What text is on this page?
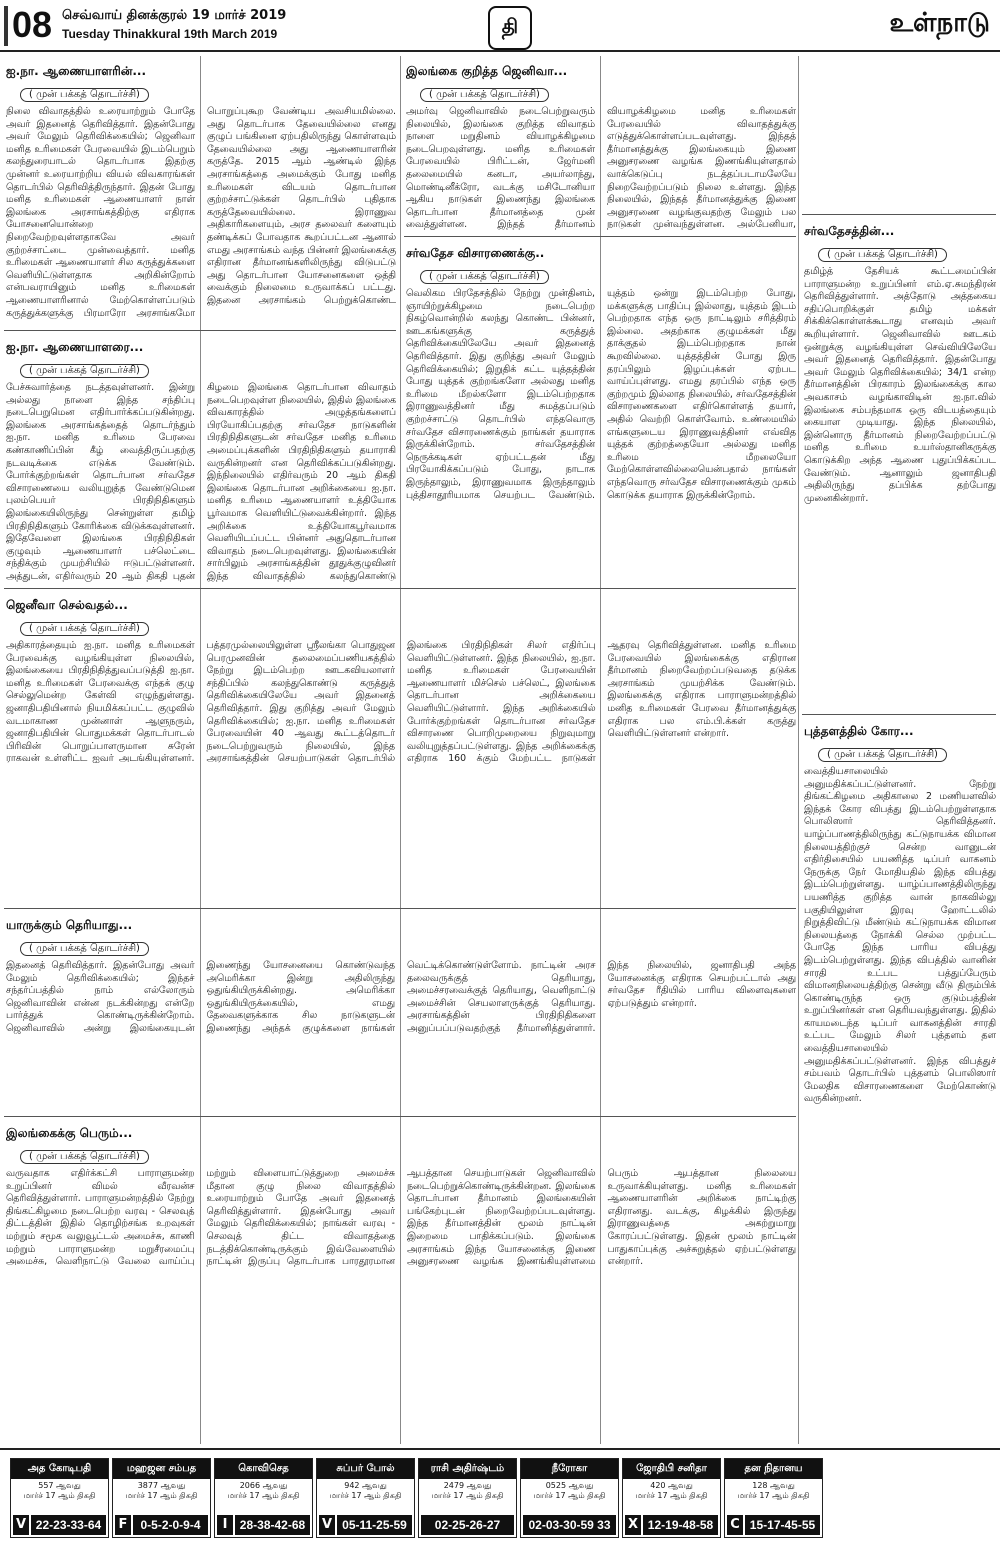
08 செவ்வாய் தினக்குரல் 19 மார்ச் 2019
Tuesday Thinakkural 19th March 2019	தி	உள்நாடு
ஐ.நா. ஆணையாளரின்...
( முன் பக்கத் தொடர்ச்சி)
நிலை விவாதத்தில் உரையாற்றும் போதே அவர் இதனைத் தெரிவித்தார். இதன்போது அவர் மேலும் தெரிவிக்கையில்; ஜெனிவா மனித உரிமைகள் பேரவையில் இடம்பெறும் கலந்துரையாடல் தொடர்பாக இதற்கு முன்னர் உரையாற்றிய வியல் விவகாரங்கள் தொடர்பில் தெரிவித்திருந்தார். இதன் போது மனித உரிமைகள் ஆணையாளர் நாள் இலங்கை அரசாங்கத்திற்கு எதிராக யோசனையொன்றை நிறைவேற்றவுள்ளதாகவே அவர் குற்றச்சாட்டை முன்வைத்தார். மனித உரிமைகள் ஆணையாளர் சில கருத்துக்களை வெளியிட்டுள்ளதாக அறிகின்றோம் என்பவராயினும் மனித உரிமைகள் ஆணையாளரினால் மேற்கொள்ளப்படும் கருத்துக்களுக்கு பிரமாரோ அரசாங்கமோ பொறுப்புகூற வேண்டிய அவசியமில்லை. அது தொடர்பாக தேவையில்லை எனது குழுப் பங்கினை ஏற்பதிலிருந்து கொள்ளவும் தேவையில்லை அது ஆணையாளரின் கருத்தே. 2015 ஆம் ஆண்டில் இந்த அரசாங்கத்தை அமைக்கும் போது மனித உரிமைகள் விடயம் தொடர்பான குற்றச்சாட்டுக்கள் தொடர்பில் புதிதாக கருத்தேவையில்லை. இராணுவ அதிகாரிகளையும், அரச தலைவர் களையும் தண்டிக்கப் போவதாக கூறப்பட்டன ஆனால் எமது அரசாங்கம் வந்த பின்னர் இலங்கைக்கு எதிரான தீர்மானங்களிலிருந்து விடுபட்டு அது தொடர்பான யோசனைகளை ஒத்தி வைக்கும் நிலைமை உருவாக்கப் பட்டது. இதனை அரசாங்கம் பெற்றுக்கொண்ட
இலங்கை குறித்த ஜெனிவா...
( முன் பக்கத் தொடர்ச்சி)
அமர்வு ஜெனிவாவில் நடைபெற்றுவரும் நிலையில், இலங்கை குறித்த விவாதம் நாளை மறுதினம் வியாழக்கிழமை நடைபெறவுள்ளது. மனித உரிமைகள் பேரவையில் பிரிட்டன், ஜேர்மனி தலைமையில் கனடா, அயர்லாந்து, மொண்டினீக்ரோ, வடக்கு மசிடோனியா ஆகிய நாடுகள் இணைந்து இலங்கை தொடர்பான தீர்மானத்தை முன் வைத்துள்ளன. இந்தத் தீர்மானம் வியாழக்கிழமை மனித உரிமைகள் பேரவையில் விவாதத்துக்கு எடுத்துக்கொள்ளப்படவுள்ளது. இந்தத் தீர்மானத்துக்கு இலங்கையும் இணை அனுசரணை வழங்க இணங்கியுள்ளதால் வாக்கெடுப்பு நடத்தப்படாமலேயே நிறைவேற்றப்படும் நிலை உள்ளது. இந்த நிலையில், இந்தத் தீர்மானத்துக்கு இணை அனுசரணை வழங்குவதற்கு மேலும் பல நாடுகள் முன்வந்துள்ளன. அல்பேனியா,
ஐ.நா. ஆணையாளரை...
( முன் பக்கத் தொடர்ச்சி)
பேச்சுவார்த்தை நடத்தவுள்ளனர். இன்று அல்லது நாளை இந்த சந்திப்பு நடைபெறுமென எதிர்பார்க்கப்படுகின்றது. இலங்கை அரசாங்கத்தைத் தொடர்ந்தும் ஐ.நா. மனித உரிமை பேரவை கண்காணிப்பின் கீழ் வைத்திருப்பதற்கு நடவடிக்கை எடுக்க வேண்டும். போர்க்குற்றங்கள் தொடர்பான சர்வதேச விசாரணையை வலியுறுத்த வேண்டுமென புலம்பெயர் பிரதிநிதிகளும் இலங்கையிலிருந்து சென்றுள்ள தமிழ் பிரதிநிதிகளும் கோரிக்கை விடுக்கவுள்ளனர். இதேவேளை இலங்கை பிரதிநிதிகள் குழுவும் ஆணையாளர் பச்லெட்டை சந்திக்கும் முயற்சியில் ஈடுபட்டுள்ளனர். அத்துடன், எதிர்வரும் 20 ஆம் திகதி புதன் கிழமை இலங்கை தொடர்பான விவாதம் நடைபெறவுள்ள நிலையில், இதில் இலங்கை விவகாரத்தில் அழுத்தங்களைப் பிரயோகிப்பதற்கு சர்வதேச நாடுகளின் பிரதிநிதிகளுடன் சர்வதேச மனித உரிமை அமைப்புக்களின் பிரதிநிதிகளும் தயாராகி வருகின்றனர் என தெரிவிக்கப்படுகின்றது. இந்நிலையில் எதிர்வரும் 20 ஆம் திகதி இலங்கை தொடர்பான அறிக்கையை ஐ.நா. மனித உரிமை ஆணையாளர் உத்தியோக பூர்வமாக வெளியிட்டுவைக்கின்றார். இந்த அறிக்கை உத்தியோகபூர்வமாக வெளியிடப்பட்ட பின்னர் அதுதொடர்பான விவாதம் நடைபெறவுள்ளது. இலங்கையின் சார்பிலும் அரசாங்கத்தின் தூதுக்குழுவினர் இந்த விவாதத்தில் கலந்துகொண்டு
சர்வதேச விசாரணைக்கு..
( முன் பக்கத் தொடர்ச்சி)
வெலிகம பிரதேசத்தில் நேற்று முன்தினம், ஞாயிற்றுக்கிழமை நடைபெற்ற நிகழ்வொன்றில் கலந்து கொண்ட பின்னர், ஊடகங்களுக்கு கருத்துத் தெரிவிக்கையிலேயே அவர் இதனைத் தெரிவித்தார். இது குறித்து அவர் மேலும் தெரிவிக்கையில்; இறுதிக் கட்ட யுத்தத்தின் போது யுத்தக் குற்றங்களோ அல்லது மனித உரிமை மீறல்களோ இடம்பெற்றதாக இராணுவத்தினர் மீது சுமத்தப்படும் குற்றச்சாட்டு தொடர்பில் எந்தவொரு சர்வதேச விசாரணைக்கும் நாங்கள் தயாராக இருக்கின்றோம். சர்வதேசத்தின் நெருக்கடிகள் ஏற்பட்டதன் மீது பிரயோகிக்கப்படும் போது, நாடாக இருந்தாலும், இராணுவமாக இருந்தாலும் புத்திசாதூரியமாக செயற்பட வேண்டும். யுத்தம் ஒன்று இடம்பெற்ற போது, மக்களுக்கு பாதிப்பு இல்லாது, யுத்தம் இடம் பெற்றதாக எந்த ஒரு நாட்டிலும் சரித்திரம் இல்லை. அதற்காக குழுமக்கள் மீது தாக்குதல் இடம்பெற்றதாக நான் கூறவில்லை. யுத்தத்தின் போது இரு தரப்பிலும் இழப்புக்கள் ஏற்பட வாய்ப்புள்ளது. எமது தரப்பில் எந்த ஒரு குற்றமும் இல்லாத நிலையில், சர்வதேசத்தின் விசாரணைகளை எதிர்கொள்ளத் தயார், அதில் வெற்றி கொள்வோம். உண்மையில் எங்களுடைய இராணுவத்தினர் எவ்வித யுத்தக் குற்றத்தையோ அல்லது மனித உரிமை மீறலையோ மேற்கொள்ளவில்லையென்பதால் நாங்கள் எந்தவொரு சர்வதேச விசாரணைக்கும் முகம் கொடுக்க தயாராக இருக்கின்றோம்.
சர்வதேசத்தின்...
( முன் பக்கத் தொடர்ச்சி)
தமிழ்த் தேசியக் கூட்டமைப்பின் பாராளுமன்ற உறுப்பினர் எம்.ஏ.சுமந்திரன் தெரிவித்துள்ளார். அத்தோடு அத்தகைய சதிப்பொறிக்குள் தமிழ் மக்கள் சிக்கிக்கொள்ளக்கூடாது எனவும் அவர் கூறியுள்ளார். ஜெனிவாவில் ஊடகம் ஒன்றுக்கு வழங்கியுள்ள செவ்வியிலேயே அவர் இதனைத் தெரிவித்தார். இதன்போது அவர் மேலும் தெரிவிக்கையில்; 34/1 என்ற தீர்மானத்தின் பிரகாரம் இலங்கைக்கு கால அவகாசம் வழங்காவிடின் ஐ.நா.வில் இலங்கை சம்பந்தமாக ஒரு விடயத்தையும் கையாள முடியாது. இந்த நிலையில், இன்னொரு தீர்மானம் நிறைவேற்றப்பட்டு மனித உரிமை உயர்ஸ்தானிகருக்கு கொடுக்கிற அந்த ஆணை புதுப்பிக்கப்பட வேண்டும். ஆனாலும் ஜனாதிபதி அதிலிருந்து தப்பிக்க தற்போது முனைகின்றார்.
ஜெனீவா செல்வதல்...
( முன் பக்கத் தொடர்ச்சி)
அதிகாரத்தையும் ஐ.நா. மனித உரிமைகள் பேரவைக்கு வழங்கியுள்ள நிலையில், இலங்கையை பிரதிநிதித்துவப்படுத்தி ஐ.நா. மனித உரிமைகள் பேரவைக்கு எந்தக் குழு செல்லுமென்ற கேள்வி எழுந்துள்ளது. ஜனாதிபதியினால் நியமிக்கப்பட்ட குழுவில் வடமாகாண முன்னாள் ஆளுநரும், ஜனாதிபதியின் பொதுமக்கள் தொடர்பாடல் பிரிவின் பொறுப்பாளருமான சுரேன் ராகவன் உள்ளிட்ட ஐவர் அடங்கியுள்ளனர். பத்தரமுல்லையிலுள்ள ஸ்ரீலங்கா பொதுஜன பெரமுனவின் தலைமைப்பணியகத்தில் நேற்று இடம்பெற்ற ஊடகவியலாளர் சந்திப்பில் கலந்துகொண்டு கருத்துத் தெரிவிக்கையிலேயே அவர் இதனைத் தெரிவித்தார். இது குறித்து அவர் மேலும் தெரிவிக்கையில்; ஐ.நா. மனித உரிமைகள் பேரவையின் 40 ஆவது கூட்டத்தொடர் நடைபெற்றுவரும் நிலையில், இந்த அரசாங்கத்தின் செயற்பாடுகள் தொடர்பில் இலங்கை பிரதிநிதிகள் சிலர் எதிர்ப்பு வெளியிட்டுள்ளனர். இந்த நிலையில், ஐ.நா. மனித உரிமைகள் பேரவையின் ஆணையாளர் மிச்செல் பச்லெட், இலங்கை தொடர்பான அறிக்கையை வெளியிட்டுள்ளார். இந்த அறிக்கையில் போர்க்குற்றங்கள் தொடர்பான சர்வதேச விசாரணை பொறிமுறையை நிறுவுமாறு வலியுறுத்தப்பட்டுள்ளது. இந்த அறிக்கைக்கு எதிராக 160 க்கும் மேற்பட்ட நாடுகள் ஆதரவு தெரிவித்துள்ளன. மனித உரிமை பேரவையில் இலங்கைக்கு எதிரான தீர்மானம் நிறைவேற்றப்படுவதை தடுக்க அரசாங்கம் முயற்சிக்க வேண்டும். இலங்கைக்கு எதிராக பாராளுமன்றத்தில் மனித உரிமைகள் பேரவை தீர்மானத்துக்கு எதிராக பல எம்.பி.க்கள் கருத்து வெளியிட்டுள்ளனர் என்றார்.	புத்தளத்தில் கோர...
( முன் பக்கத் தொடர்ச்சி)
வைத்தியசாலையில் அனுமதிக்கப்பட்டுள்ளனர். நேற்று திங்கட்கிழமை அதிகாலை 2 மணியளவில் இந்தக் கோர விபத்து இடம்பெற்றுள்ளதாக பொலிஸார் தெரிவித்தனர். யாழ்ப்பாணத்திலிருந்து கட்டுநாயக்க விமான நிலையத்திற்குச் சென்ற வானுடன் எதிர்திசையில் பயணித்த டிப்பர் வாகனம் நேருக்கு நேர் மோதியதில் இந்த விபத்து இடம்பெற்றுள்ளது. யாழ்ப்பாணத்திலிருந்து பயணித்த குறித்த வான் நாகவில்லு பகுதியிலுள்ள இரவு ஹோட்டலில் நிறுத்திவிட்டு மீண்டும் கட்டுநாயக்க விமான நிலையத்தை நோக்கி செல்ல முற்பட்ட போதே இந்த பாரிய விபத்து இடம்பெற்றுள்ளது. இந்த விபத்தில் வானின் சாரதி உட்பட பத்துப்பேரும் விமானநிலையத்திற்கு சென்று வீடு திரும்பிக் கொண்டிருந்த ஒரு குடும்பத்தின் உறுப்பினர்கள் என தெரியவந்துள்ளது. இதில் காயமடைந்த டிப்பர் வாகனத்தின் சாரதி உட்பட மேலும் சிலர் புத்தளம் தள வைத்தியசாலையில் அனுமதிக்கப்பட்டுள்ளனர். இந்த விபத்துச் சம்பவம் தொடர்பில் புத்தளம் பொலிஸார் மேலதிக விசாரணைகளை மேற்கொண்டு வருகின்றனர்.
யாருக்கும் தெரியாது...
( முன் பக்கத் தொடர்ச்சி)
இதனைத் தெரிவித்தார். இதன்போது அவர் மேலும் தெரிவிக்கையில்; இந்தச் சந்தர்ப்பத்தில் நாம் எல்லோரும் ஜெனிவாவின் என்ன நடக்கின்றது என்றே பார்த்துக் கொண்டிருக்கின்றோம். ஜெனிவாவில் அன்று இலங்கையுடன் இணைந்து யோசனையை கொண்டுவந்த அமெரிக்கா இன்று அதிலிருந்து ஒதுங்கியிருக்கின்றது. அமெரிக்கா ஒதுங்கியிருக்கையில், எமது தேவைகளுக்காக சில நாடுகளுடன் இணைந்து அந்தக் குழுக்களை நாங்கள் வெட்டிக்கொண்டுள்ளோம். நாட்டின் அரச தலைவருக்குத் தெரியாது, அமைச்சரவைக்குத் தெரியாது, வெளிநாட்டு அமைச்சின் செயலாளருக்குத் தெரியாது. அரசாங்கத்தின் பிரதிநிதிகளை அனுப்பப்படுவதற்குத் தீர்மானித்துள்ளார். இந்த நிலையில், ஜனாதிபதி அந்த யோசனைக்கு எதிராக செயற்பட்டால் அது சர்வதேச ரீதியில் பாரிய விளைவுகளை ஏற்படுத்தும் என்றார்.
இலங்கைக்கு பெரும்...
( முன் பக்கத் தொடர்ச்சி)
வருவதாக எதிர்க்கட்சி பாராளுமன்ற உறுப்பினர் விமல் வீரவன்ச தெரிவித்துள்ளார். பாராளுமன்றத்தில் நேற்று திங்கட்கிழமை நடைபெற்ற வரவு - செலவுத் திட்டத்தின் இதில் தொழிற்சங்க உறவுகள் மற்றும் சமூக வலுவூட்டல் அமைச்சு, காணி மற்றும் பாராளுமன்ற மறுசீரமைப்பு அமைச்சு, வெளிநாட்டு வேலை வாய்ப்பு மற்றும் விளையாட்டுத்துறை அமைச்சு மீதான குழு நிலை விவாதத்தில் உரையாற்றும் போதே அவர் இதனைத் தெரிவித்துள்ளார். இதன்போது அவர் மேலும் தெரிவிக்கையில்; நாங்கள் வரவு - செலவுத் திட்ட விவாதத்தை நடத்திக்கொண்டிருக்கும் இவ்வேளையில் நாட்டின் இருப்பு தொடர்பாக பாரதூரமான ஆபத்தான செயற்பாடுகள் ஜெனிவாவில் நடைபெற்றுக்கொண்டிருக்கின்றன. இலங்கை தொடர்பான தீர்மானம் இலங்கையின் பங்கேற்புடன் நிறைவேற்றப்படவுள்ளது. இந்த தீர்மானத்தின் மூலம் நாட்டின் இறைமை பாதிக்கப்படும். இலங்கை அரசாங்கம் இந்த யோசனைக்கு இணை அனுசரணை வழங்க இணங்கியுள்ளமை பெரும் ஆபத்தான நிலையை உருவாக்கியுள்ளது. மனித உரிமைகள் ஆணையாளரின் அறிக்கை நாட்டிற்கு எதிரானது. வடக்கு, கிழக்கில் இருந்து இராணுவத்தை அகற்றுமாறு கோரப்பட்டுள்ளது. இதன் மூலம் நாட்டின் பாதுகாப்புக்கு அச்சுறுத்தல் ஏற்பட்டுள்ளது என்றார்.
அத கோடிபதி
557 ஆவது
மார்ச் 17 ஆம் திகதி
V 22-23-33-64
மஹஜன சம்பத
3877 ஆவது
மார்ச் 17 ஆம் திகதி
F	0-5-2-0-9-4
கொவிசெத
2066 ஆவது
மார்ச் 17 ஆம் திகதி
I	28-38-42-68
சுப்பர் போல்
942 ஆவது
மார்ச் 17 ஆம் திகதி
V 05-11-25-59
ராசி அதிர்ஷ்டம்
2479 ஆவது
மார்ச் 17 ஆம் திகதி
02-25-26-27
நீரோகா
0525 ஆவது
மார்ச் 17 ஆம் திகதி
02-03-30-59 33
ஜோதிபி சனிதா
420 ஆவது
மார்ச் 17 ஆம் திகதி
X 12-19-48-58
தன நிதானய
128 ஆவது
மார்ச் 17 ஆம் திகதி
C 15-17-45-55
